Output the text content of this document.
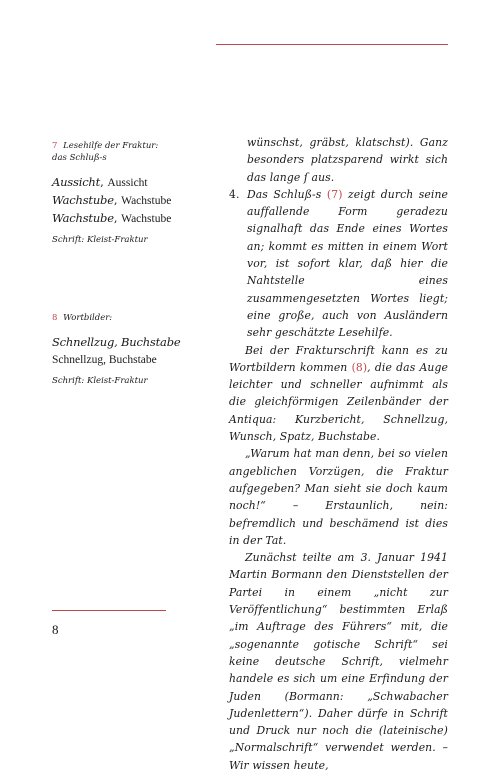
7 Lesehilfe der Fraktur:
das Schluß-s

Aussicht, Aussicht

Wachstube, Wachstube

Wachstube, Wachstube

Schrift: Kleist-Fraktur

8 Wortbilder:

Schnellzug, Buchstabe

Schnellzug, Buchstabe

Schrift: Kleist-Fraktur

wünschst, gräbst, klatschst). Ganz besonders platzsparend wirkt sich das lange ſ aus.

4. Das Schluß-s (7) zeigt durch seine auffallende Form geradezu signalhaft das Ende eines Wortes an; kommt es mitten in einem Wort vor, ist sofort klar, daß hier die Nahtstelle eines zusammengesetzten Wortes liegt; eine große, auch von Ausländern sehr geschätzte Lesehilfe.

Bei der Frakturschrift kann es zu Wortbildern kommen (8), die das Auge leichter und schneller aufnimmt als die gleichförmigen Zeilenbänder der Antiqua: Kurzbericht, Schnellzug, Wunsch, Spatz, Buchstabe.

„Warum hat man denn, bei so vielen angeblichen Vorzügen, die Fraktur aufgegeben? Man sieht sie doch kaum noch!“ – Erstaunlich, nein: befremdlich und beschämend ist dies in der Tat.

Zunächst teilte am 3. Januar 1941 Martin Bormann den Dienststellen der Partei in einem „nicht zur Veröffentlichung“ bestimmten Erlaß „im Auftrage des Führers“ mit, die „sogenannte gotische Schrift“ sei keine deutsche Schrift, vielmehr handele es sich um eine Erfindung der Juden (Bormann: „Schwabacher Judenlettern“). Daher dürfe in Schrift und Druck nur noch die (lateinische) „Normalschrift“ verwendet werden. – Wir wissen heute,

8
